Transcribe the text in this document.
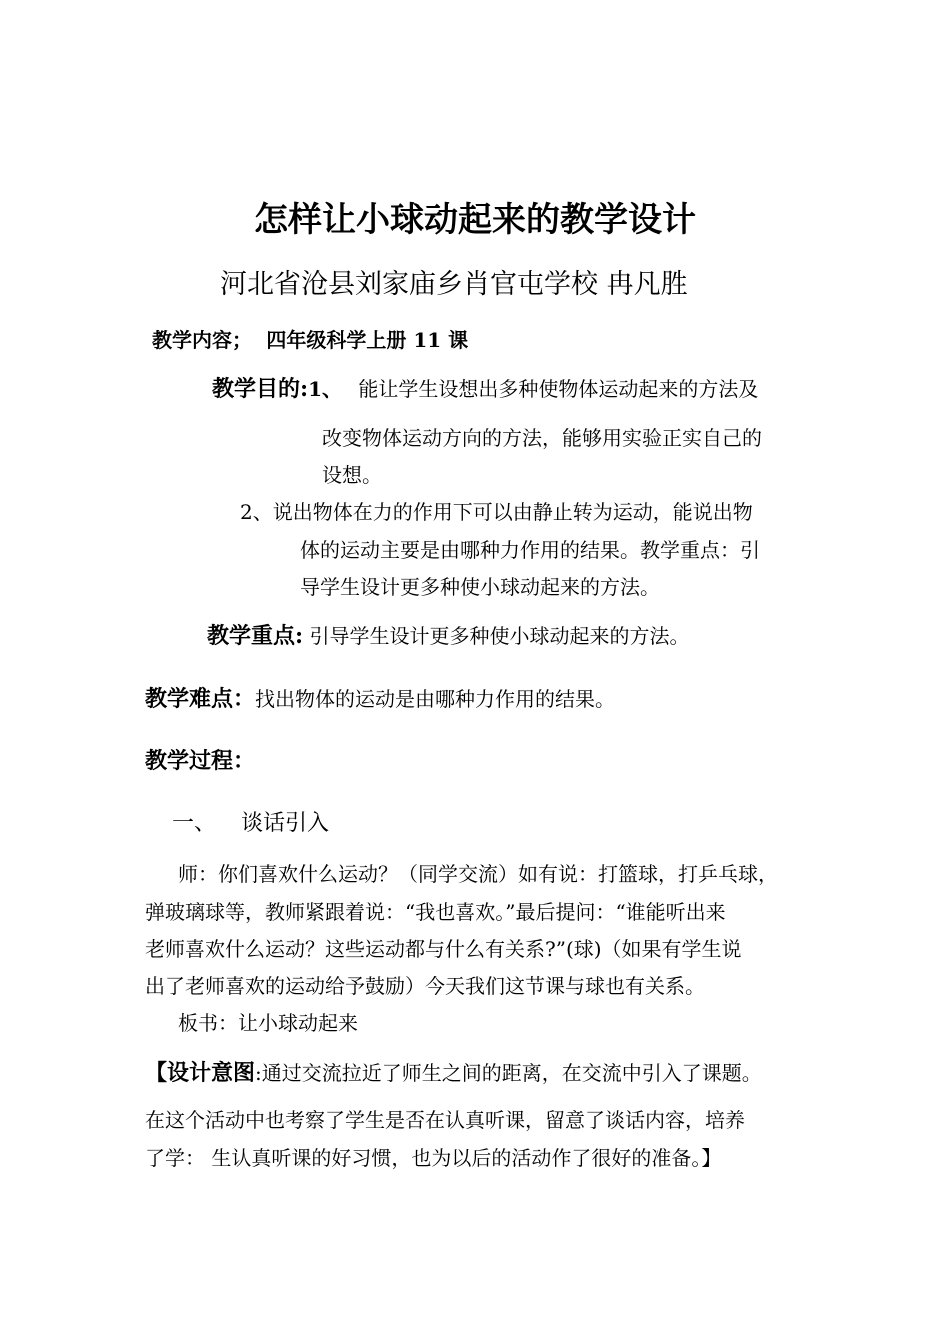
怎样让小球动起来的教学设计
河北省沧县刘家庙乡肖官屯学校 冉凡胜
教学内容； 四年级科学上册 11 课
教学目的:1、 能让学生设想出多种使物体运动起来的方法及
改变物体运动方向的方法，能够用实验正实自己的
设想。
2、说出物体在力的作用下可以由静止转为运动，能说出物
体的运动主要是由哪种力作用的结果。教学重点：引
导学生设计更多种使小球动起来的方法。
教学重点: 引导学生设计更多种使小球动起来的方法。
教学难点：找出物体的运动是由哪种力作用的结果。
教学过程：
一、 谈话引入
师：你们喜欢什么运动？（同学交流）如有说：打篮球，打乒乓球，
弹玻璃球等，教师紧跟着说：“我也喜欢。”最后提问：“谁能听出来
老师喜欢什么运动？这些运动都与什么有关系?”(球)（如果有学生说
出了老师喜欢的运动给予鼓励）今天我们这节课与球也有关系。
板书：让小球动起来
【设计意图:通过交流拉近了师生之间的距离，在交流中引入了课题。
在这个活动中也考察了学生是否在认真听课，留意了谈话内容，培养
了学： 生认真听课的好习惯，也为以后的活动作了很好的准备。】
